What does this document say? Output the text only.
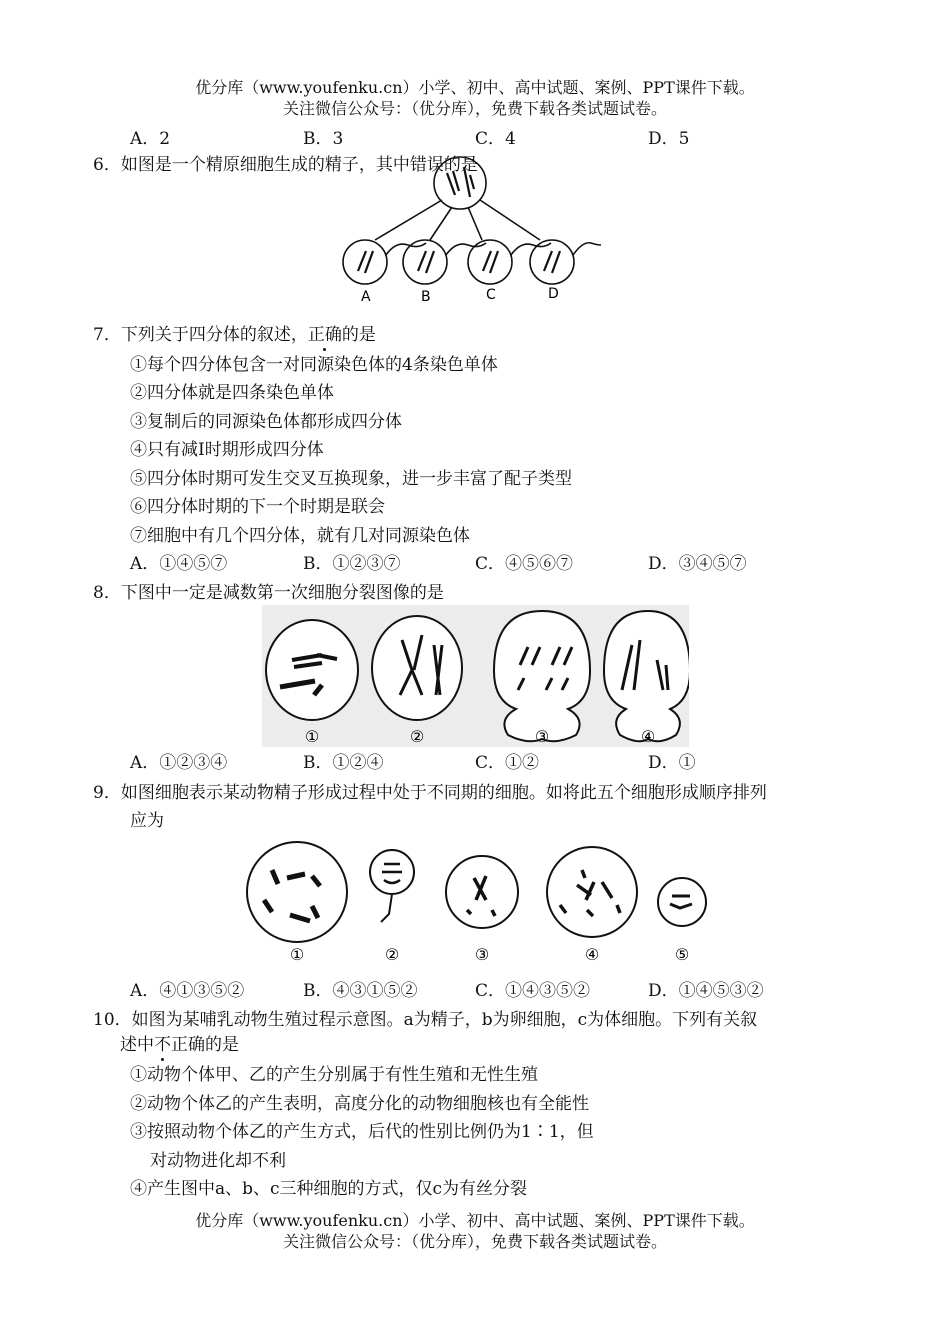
优分库（www.youfenku.cn）小学、初中、高中试题、案例、PPT课件下载。
关注微信公众号：（优分库），免费下载各类试题试卷。
A．2	B．3	C．4	D．5
6．如图是一个精原细胞生成的精子，其中错误的是
A	B	C	D
7．下列关于四分体的叙述，正确的是
①每个四分体包含一对同源染色体的4条染色单体
②四分体就是四条染色单体
③复制后的同源染色体都形成四分体
④只有减Ⅰ时期形成四分体
⑤四分体时期可发生交叉互换现象，进一步丰富了配子类型
⑥四分体时期的下一个时期是联会
⑦细胞中有几个四分体，就有几对同源染色体
A．①④⑤⑦	B．①②③⑦	C．④⑤⑥⑦	D．③④⑤⑦
8．下图中一定是减数第一次细胞分裂图像的是
①	②	③	④
A．①②③④	B．①②④	C．①②	D．①
9．如图细胞表示某动物精子形成过程中处于不同期的细胞。如将此五个细胞形成顺序排列
应为
①	②	③	④	⑤
A．④①③⑤②	B．④③①⑤②	C．①④③⑤②	D．①④⑤③②
10．如图为某哺乳动物生殖过程示意图。a为精子，b为卵细胞，c为体细胞。下列有关叙
述中不正确的是
①动物个体甲、乙的产生分别属于有性生殖和无性生殖
②动物个体乙的产生表明，高度分化的动物细胞核也有全能性
③按照动物个体乙的产生方式，后代的性别比例仍为1∶1，但
对动物进化却不利
④产生图中a、b、c三种细胞的方式，仅c为有丝分裂
优分库（www.youfenku.cn）小学、初中、高中试题、案例、PPT课件下载。
关注微信公众号：（优分库），免费下载各类试题试卷。
